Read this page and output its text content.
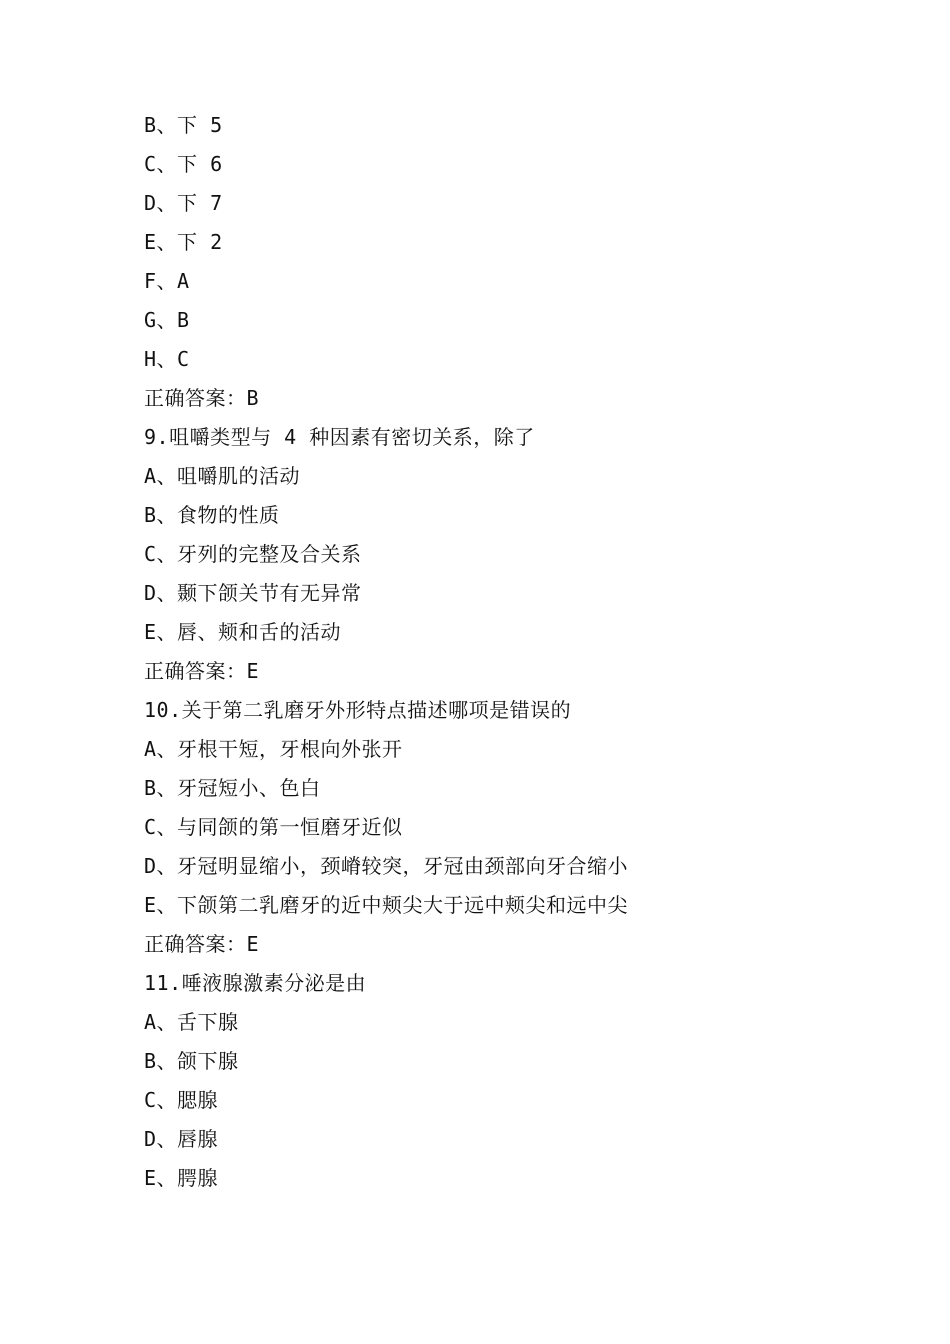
B、下 5
C、下 6
D、下 7
E、下 2
F、A
G、B
H、C
正确答案：B
9.咀嚼类型与 4 种因素有密切关系，除了
A、咀嚼肌的活动
B、食物的性质
C、牙列的完整及合关系
D、颞下颌关节有无异常
E、唇、颊和舌的活动
正确答案：E
10.关于第二乳磨牙外形特点描述哪项是错误的
A、牙根干短，牙根向外张开
B、牙冠短小、色白
C、与同颌的第一恒磨牙近似
D、牙冠明显缩小，颈嵴较突，牙冠由颈部向牙合缩小
E、下颌第二乳磨牙的近中颊尖大于远中颊尖和远中尖
正确答案：E
11.唾液腺激素分泌是由
A、舌下腺
B、颌下腺
C、腮腺
D、唇腺
E、腭腺
